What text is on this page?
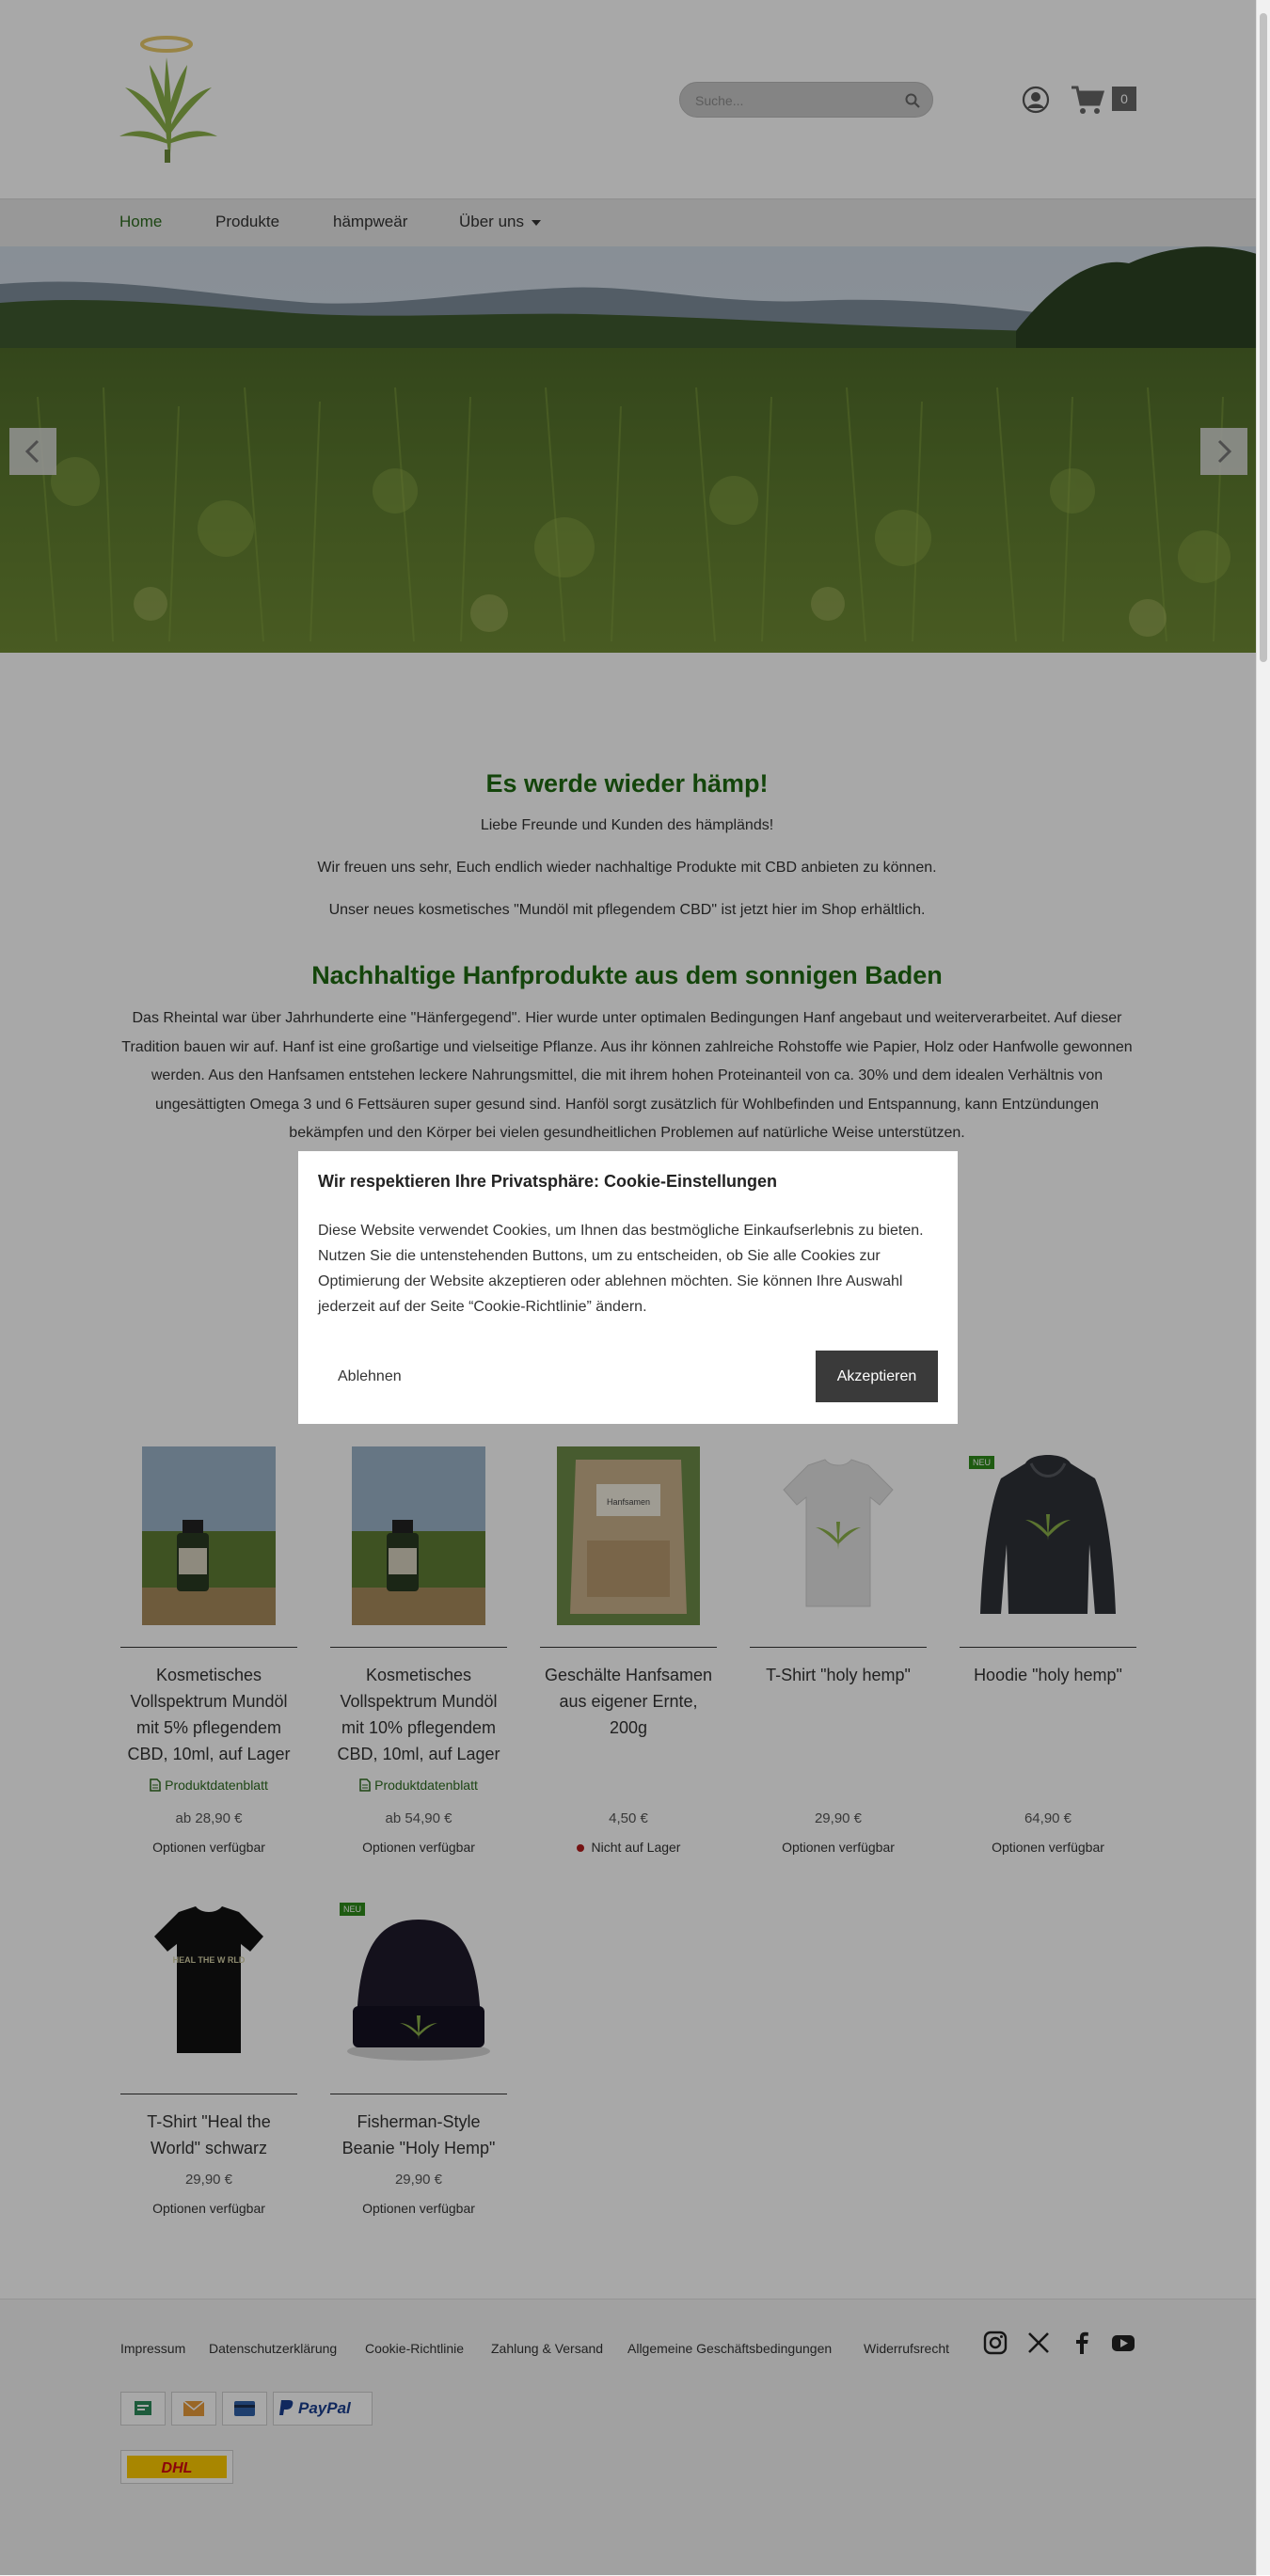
Suche...
0
Home	Produkte	hämpweär	Über uns
Es werde wieder hämp!
Liebe Freunde und Kunden des hämpländs!
Wir freuen uns sehr, Euch endlich wieder nachhaltige Produkte mit CBD anbieten zu können.
Unser neues kosmetisches "Mundöl mit pflegendem CBD" ist jetzt hier im Shop erhältlich.
Nachhaltige Hanfprodukte aus dem sonnigen Baden
Das Rheintal war über Jahrhunderte eine "Hänfergegend". Hier wurde unter optimalen Bedingungen Hanf angebaut und weiterverarbeitet. Auf dieser Tradition bauen wir auf. Hanf ist eine großartige und vielseitige Pflanze. Aus ihr können zahlreiche Rohstoffe wie Papier, Holz oder Hanfwolle gewonnen werden. Aus den Hanfsamen entstehen leckere Nahrungsmittel, die mit ihrem hohen Proteinanteil von ca. 30% und dem idealen Verhältnis von ungesättigten Omega 3 und 6 Fettsäuren super gesund sind. Hanföl sorgt zusätzlich für Wohlbefinden und Entspannung, kann Entzündungen bekämpfen und den Körper bei vielen gesundheitlichen Problemen auf natürliche Weise unterstützen.
Kosmetisches Vollspektrum Mundöl mit 5% pflegendem CBD, 10ml, auf Lager
Produktdatenblatt
ab 28,90 €
Optionen verfügbar
Kosmetisches Vollspektrum Mundöl mit 10% pflegendem CBD, 10ml, auf Lager
Produktdatenblatt
ab 54,90 €
Optionen verfügbar
Hanfsamen
Geschälte Hanfsamen aus eigener Ernte, 200g
4,50 €
Nicht auf Lager
T-Shirt "holy hemp"
29,90 €
Optionen verfügbar
NEU
Hoodie "holy hemp"
64,90 €
Optionen verfügbar
HEAL THE W RLD
T-Shirt "Heal the World" schwarz
29,90 €
Optionen verfügbar
NEU
Fisherman-Style Beanie "Holy Hemp"
29,90 €
Optionen verfügbar
Impressum Datenschutzerklärung Cookie-Richtlinie Zahlung & Versand Allgemeine Geschäftsbedingungen Widerrufsrecht
PayPal
DHL
Wir respektieren Ihre Privatsphäre: Cookie-Einstellungen
Diese Website verwendet Cookies, um Ihnen das bestmögliche Einkaufserlebnis zu bieten. Nutzen Sie die untenstehenden Buttons, um zu entscheiden, ob Sie alle Cookies zur Optimierung der Website akzeptieren oder ablehnen möchten. Sie können Ihre Auswahl jederzeit auf der Seite “Cookie-Richtlinie” ändern.
Ablehnen	Akzeptieren
